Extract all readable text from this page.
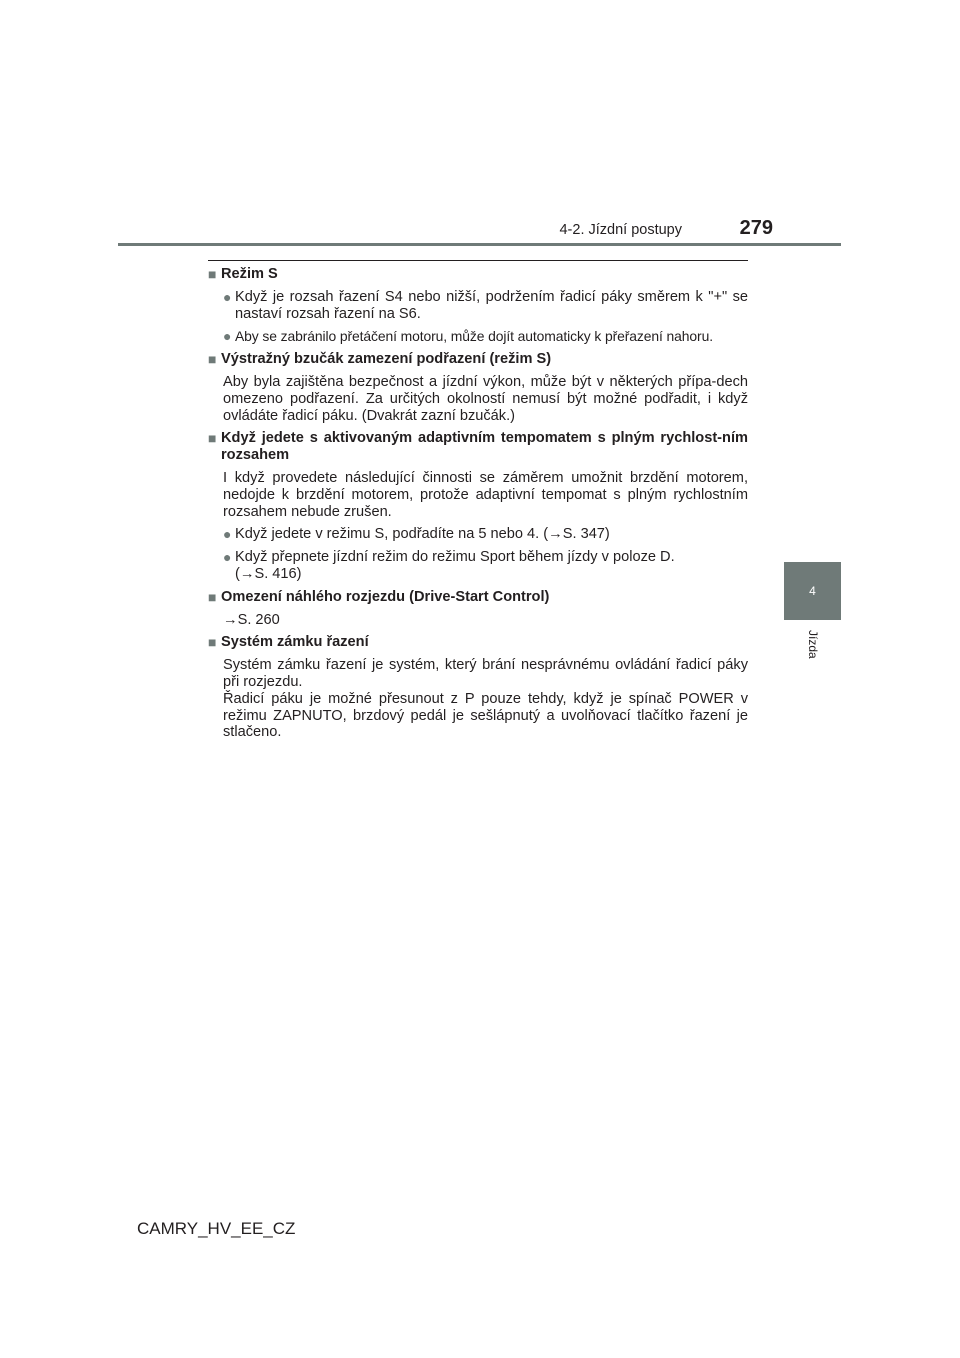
4-2. Jízdní postupy	279
4
Jízda
■ Režim S
● Když je rozsah řazení S4 nebo nižší, podržením řadicí páky směrem k "+" se nastaví rozsah řazení na S6.
● Aby se zabránilo přetáčení motoru, může dojít automaticky k přeřazení nahoru.
■ Výstražný bzučák zamezení podřazení (režim S)
Aby byla zajištěna bezpečnost a jízdní výkon, může být v některých přípa-dech omezeno podřazení. Za určitých okolností nemusí být možné podřadit, i když ovládáte řadicí páku. (Dvakrát zazní bzučák.)
■ Když jedete s aktivovaným adaptivním tempomatem s plným rychlost-ním rozsahem
I když provedete následující činnosti se záměrem umožnit brzdění motorem, nedojde k brzdění motorem, protože adaptivní tempomat s plným rychlostním rozsahem nebude zrušen.
● Když jedete v režimu S, podřadíte na 5 nebo 4. (→S. 347)
● Když přepnete jízdní režim do režimu Sport během jízdy v poloze D.
(→S. 416)
■ Omezení náhlého rozjezdu (Drive-Start Control)
→S. 260
■ Systém zámku řazení
Systém zámku řazení je systém, který brání nesprávnému ovládání řadicí páky při rozjezdu.
Řadicí páku je možné přesunout z P pouze tehdy, když je spínač POWER v režimu ZAPNUTO, brzdový pedál je sešlápnutý a uvolňovací tlačítko řazení je stlačeno.
CAMRY_HV_EE_CZ
